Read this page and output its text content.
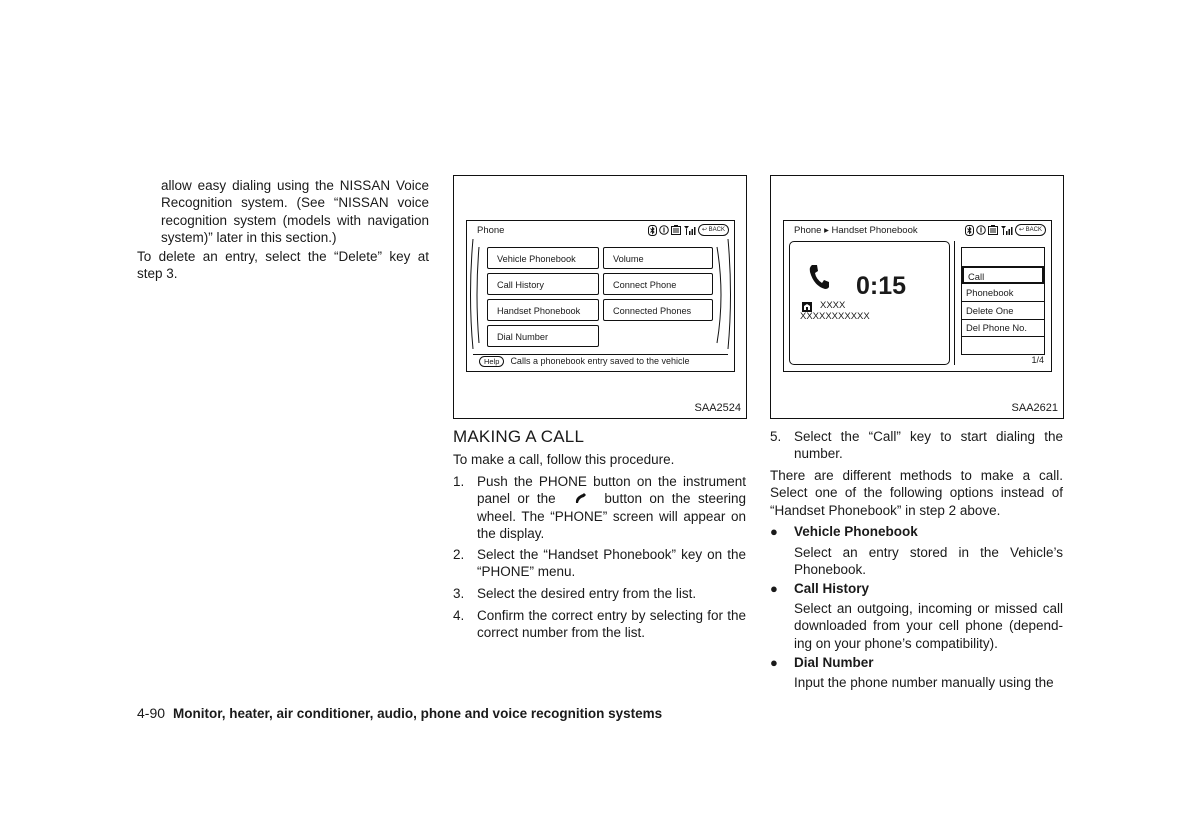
allow easy dialing using the NISSAN Voice Recognition system. (See “NISSAN voice recognition system (models with navigation system)” later in this section.)
To delete an entry, select the “Delete” key at step 3.
Phone	↩ BACK
Vehicle Phonebook
Call History
Handset Phonebook
Dial Number
Volume
Connect Phone
Connected Phones
Help Calls a phonebook entry saved to the vehicle
SAA2524
Phone ▸ Handset Phonebook	↩ BACK
0:15
XXXX
XXXXXXXXXXX
Call
Phonebook
Delete One
Del Phone No.
1/4
SAA2621
MAKING A CALL
To make a call, follow this procedure.
1. Push the PHONE button on the instrument panel or the	button on the steering wheel. The “PHONE” screen will appear on the display.
2. Select the “Handset Phonebook” key on the “PHONE” menu.
3. Select the desired entry from the list.
4. Confirm the correct entry by selecting for the correct number from the list.
5. Select the “Call” key to start dialing the number.
There are different methods to make a call. Select one of the following options instead of “Handset Phonebook” in step 2 above.
● Vehicle Phonebook
Select an entry stored in the Vehicle’s Phonebook.
● Call History
Select an outgoing, incoming or missed call downloaded from your cell phone (depend-ing on your phone’s compatibility).
● Dial Number
Input the phone number manually using the
4-90 Monitor, heater, air conditioner, audio, phone and voice recognition systems
